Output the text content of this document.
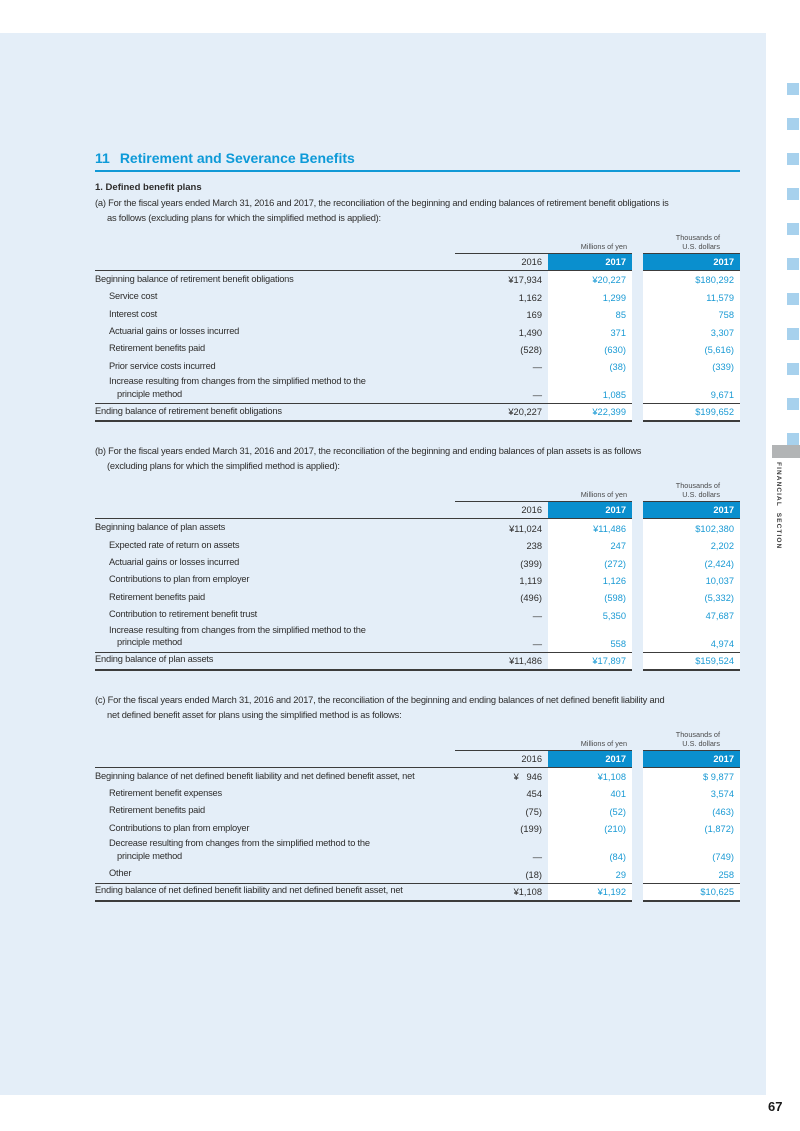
FINANCIAL SECTION
67
11 Retirement and Severance Benefits
1. Defined benefit plans

(a) For the fiscal years ended March 31, 2016 and 2017, the reconciliation of the beginning and ending balances of retirement benefit obligations is
as follows (excluding plans for which the simplified method is applied):

Millions of yen
Thousands of
U.S. dollars
2016	2017	2017
Beginning balance of retirement benefit obligations	¥17,934	¥20,227	$180,292
Service cost	1,162	1,299	11,579
Interest cost	169	85	758
Actuarial gains or losses incurred	1,490	371	3,307
Retirement benefits paid	(528)	(630)	(5,616)
Prior service costs incurred	—	(38)	(339)
Increase resulting from changes from the simplified method to the
principle method	—	1,085	9,671
Ending balance of retirement benefit obligations	¥20,227	¥22,399	$199,652

(b) For the fiscal years ended March 31, 2016 and 2017, the reconciliation of the beginning and ending balances of plan assets is as follows
(excluding plans for which the simplified method is applied):

Millions of yen
Thousands of
U.S. dollars
2016	2017	2017
Beginning balance of plan assets	¥11,024	¥11,486	$102,380
Expected rate of return on assets	238	247	2,202
Actuarial gains or losses incurred	(399)	(272)	(2,424)
Contributions to plan from employer	1,119	1,126	10,037
Retirement benefits paid	(496)	(598)	(5,332)
Contribution to retirement benefit trust	—	5,350	47,687
Increase resulting from changes from the simplified method to the
principle method	—	558	4,974
Ending balance of plan assets	¥11,486	¥17,897	$159,524

(c) For the fiscal years ended March 31, 2016 and 2017, the reconciliation of the beginning and ending balances of net defined benefit liability and
net defined benefit asset for plans using the simplified method is as follows:

Millions of yen
Thousands of
U.S. dollars
2016	2017	2017
Beginning balance of net defined benefit liability and net defined benefit asset, net	¥   946	¥1,108	$ 9,877
Retirement benefit expenses	454	401	3,574
Retirement benefits paid	(75)	(52)	(463)
Contributions to plan from employer	(199)	(210)	(1,872)
Decrease resulting from changes from the simplified method to the
principle method	—	(84)	(749)
Other	(18)	29	258
Ending balance of net defined benefit liability and net defined benefit asset, net	¥1,108	¥1,192	$10,625
